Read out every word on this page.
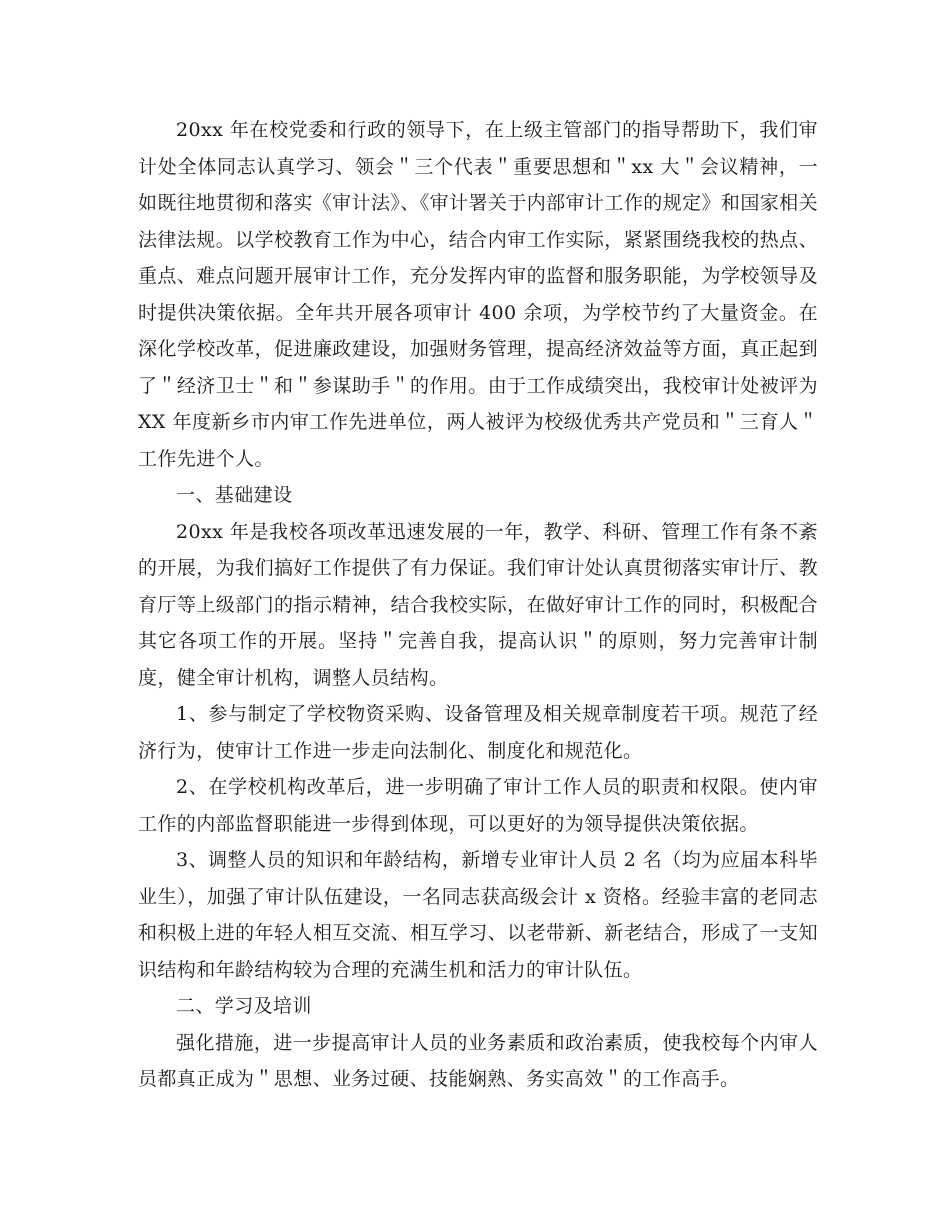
20xx 年在校党委和行政的领导下，在上级主管部门的指导帮助下，我们审计处全体同志认真学习、领会＂三个代表＂重要思想和＂xx 大＂会议精神，一如既往地贯彻和落实《审计法》、《审计署关于内部审计工作的规定》和国家相关法律法规。以学校教育工作为中心，结合内审工作实际，紧紧围绕我校的热点、重点、难点问题开展审计工作，充分发挥内审的监督和服务职能，为学校领导及时提供决策依据。全年共开展各项审计 400 余项，为学校节约了大量资金。在深化学校改革，促进廉政建设，加强财务管理，提高经济效益等方面，真正起到了＂经济卫士＂和＂参谋助手＂的作用。由于工作成绩突出，我校审计处被评为 XX 年度新乡市内审工作先进单位，两人被评为校级优秀共产党员和＂三育人＂工作先进个人。

一、基础建设

20xx 年是我校各项改革迅速发展的一年，教学、科研、管理工作有条不紊的开展，为我们搞好工作提供了有力保证。我们审计处认真贯彻落实审计厅、教育厅等上级部门的指示精神，结合我校实际，在做好审计工作的同时，积极配合其它各项工作的开展。坚持＂完善自我，提高认识＂的原则，努力完善审计制度，健全审计机构，调整人员结构。

1、参与制定了学校物资采购、设备管理及相关规章制度若干项。规范了经济行为，使审计工作进一步走向法制化、制度化和规范化。

2、在学校机构改革后，进一步明确了审计工作人员的职责和权限。使内审工作的内部监督职能进一步得到体现，可以更好的为领导提供决策依据。

3、调整人员的知识和年龄结构，新增专业审计人员 2 名（均为应届本科毕业生），加强了审计队伍建设，一名同志获高级会计 x 资格。经验丰富的老同志和积极上进的年轻人相互交流、相互学习、以老带新、新老结合，形成了一支知识结构和年龄结构较为合理的充满生机和活力的审计队伍。

二、学习及培训

强化措施，进一步提高审计人员的业务素质和政治素质，使我校每个内审人员都真正成为＂思想、业务过硬、技能娴熟、务实高效＂的工作高手。
